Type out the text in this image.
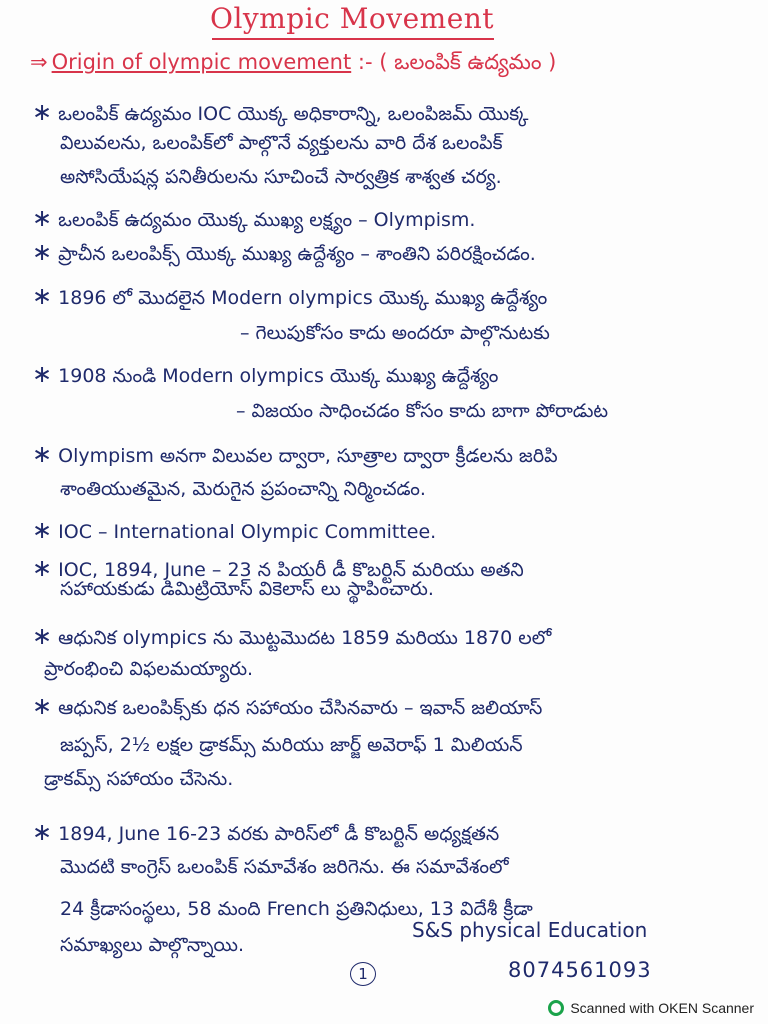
Olympic Movement
⇒ Origin of olympic movement :- ( ఒలంపిక్ ఉద్యమం )
∗ ఒలంపిక్ ఉద్యమం IOC యొక్క అధికారాన్ని, ఒలంపిజమ్ యొక్క
విలువలను, ఒలంపిక్‌లో పాల్గొనే వ్యక్తులను వారి దేశ ఒలంపిక్
అసోసియేషన్ల పనితీరులను సూచించే సార్వత్రిక శాశ్వత చర్య.
∗ ఒలంపిక్ ఉద్యమం యొక్క ముఖ్య లక్ష్యం – Olympism.
∗ ప్రాచీన ఒలంపిక్స్ యొక్క ముఖ్య ఉద్దేశ్యం – శాంతిని పరిరక్షించడం.
∗ 1896 లో మొదలైన Modern olympics యొక్క ముఖ్య ఉద్దేశ్యం
– గెలుపుకోసం కాదు అందరూ పాల్గొనుటకు
∗ 1908 నుండి Modern olympics యొక్క ముఖ్య ఉద్దేశ్యం
– విజయం సాధించడం కోసం కాదు బాగా పోరాడుట
∗ Olympism అనగా విలువల ద్వారా, సూత్రాల ద్వారా క్రీడలను జరిపి
శాంతియుతమైన, మెరుగైన ప్రపంచాన్ని నిర్మించడం.
∗ IOC – International Olympic Committee.
∗ IOC, 1894, June – 23 న పియరీ డీ కొబర్టిన్ మరియు అతని
సహాయకుడు డిమిట్రియోస్ వికెలాస్ లు స్థాపించారు.
∗ ఆధునిక olympics ను మొట్టమొదట 1859 మరియు 1870 లలో
ప్రారంభించి విఫలమయ్యారు.
∗ ఆధునిక ఒలంపిక్స్‌కు ధన సహాయం చేసినవారు – ఇవాన్ జలియాస్
జప్పస్, 2½ లక్షల డ్రాకమ్స్ మరియు జార్జ్ అవెరాఫ్ 1 మిలియన్
డ్రాకమ్స్ సహాయం చేసెను.
∗ 1894, June 16-23 వరకు పారిస్‌లో డీ కొబర్టిన్ అధ్యక్షతన
మొదటి కాంగ్రెస్ ఒలంపిక్ సమావేశం జరిగెను. ఈ సమావేశంలో
24 క్రీడాసంస్థలు, 58 మంది French ప్రతినిధులు, 13 విదేశీ క్రీడా
సమాఖ్యలు పాల్గొన్నాయి.
S&S physical Education
1	8074561093
Scanned with OKEN Scanner
